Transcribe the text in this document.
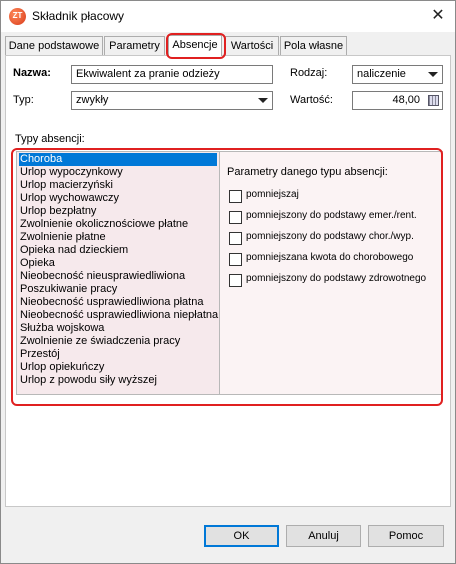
ZT Składnik płacowy	✕
Dane podstawowe Parametry	Absencje	Wartości Pola własne
Nazwa:	Ekwiwalent za pranie odzieży
Typ:	zwykły
Rodzaj:	naliczenie
Wartość:	48,00
Typy absencji:
Choroba
Urlop wypoczynkowy
Urlop macierzyński
Urlop wychowawczy
Urlop bezpłatny
Zwolnienie okolicznościowe płatne
Zwolnienie płatne
Opieka nad dzieckiem
Opieka
Nieobecność nieusprawiedliwiona
Poszukiwanie pracy
Nieobecność usprawiedliwiona płatna
Nieobecność usprawiedliwiona niepłatna
Służba wojskowa
Zwolnienie ze świadczenia pracy
Przestój
Urlop opiekuńczy
Urlop z powodu siły wyższej
Parametry danego typu absencji:
pomniejszaj
pomniejszony do podstawy emer./rent.
pomniejszony do podstawy chor./wyp.
pomniejszana kwota do chorobowego
pomniejszony do podstawy zdrowotnego
OK	Anuluj	Pomoc
